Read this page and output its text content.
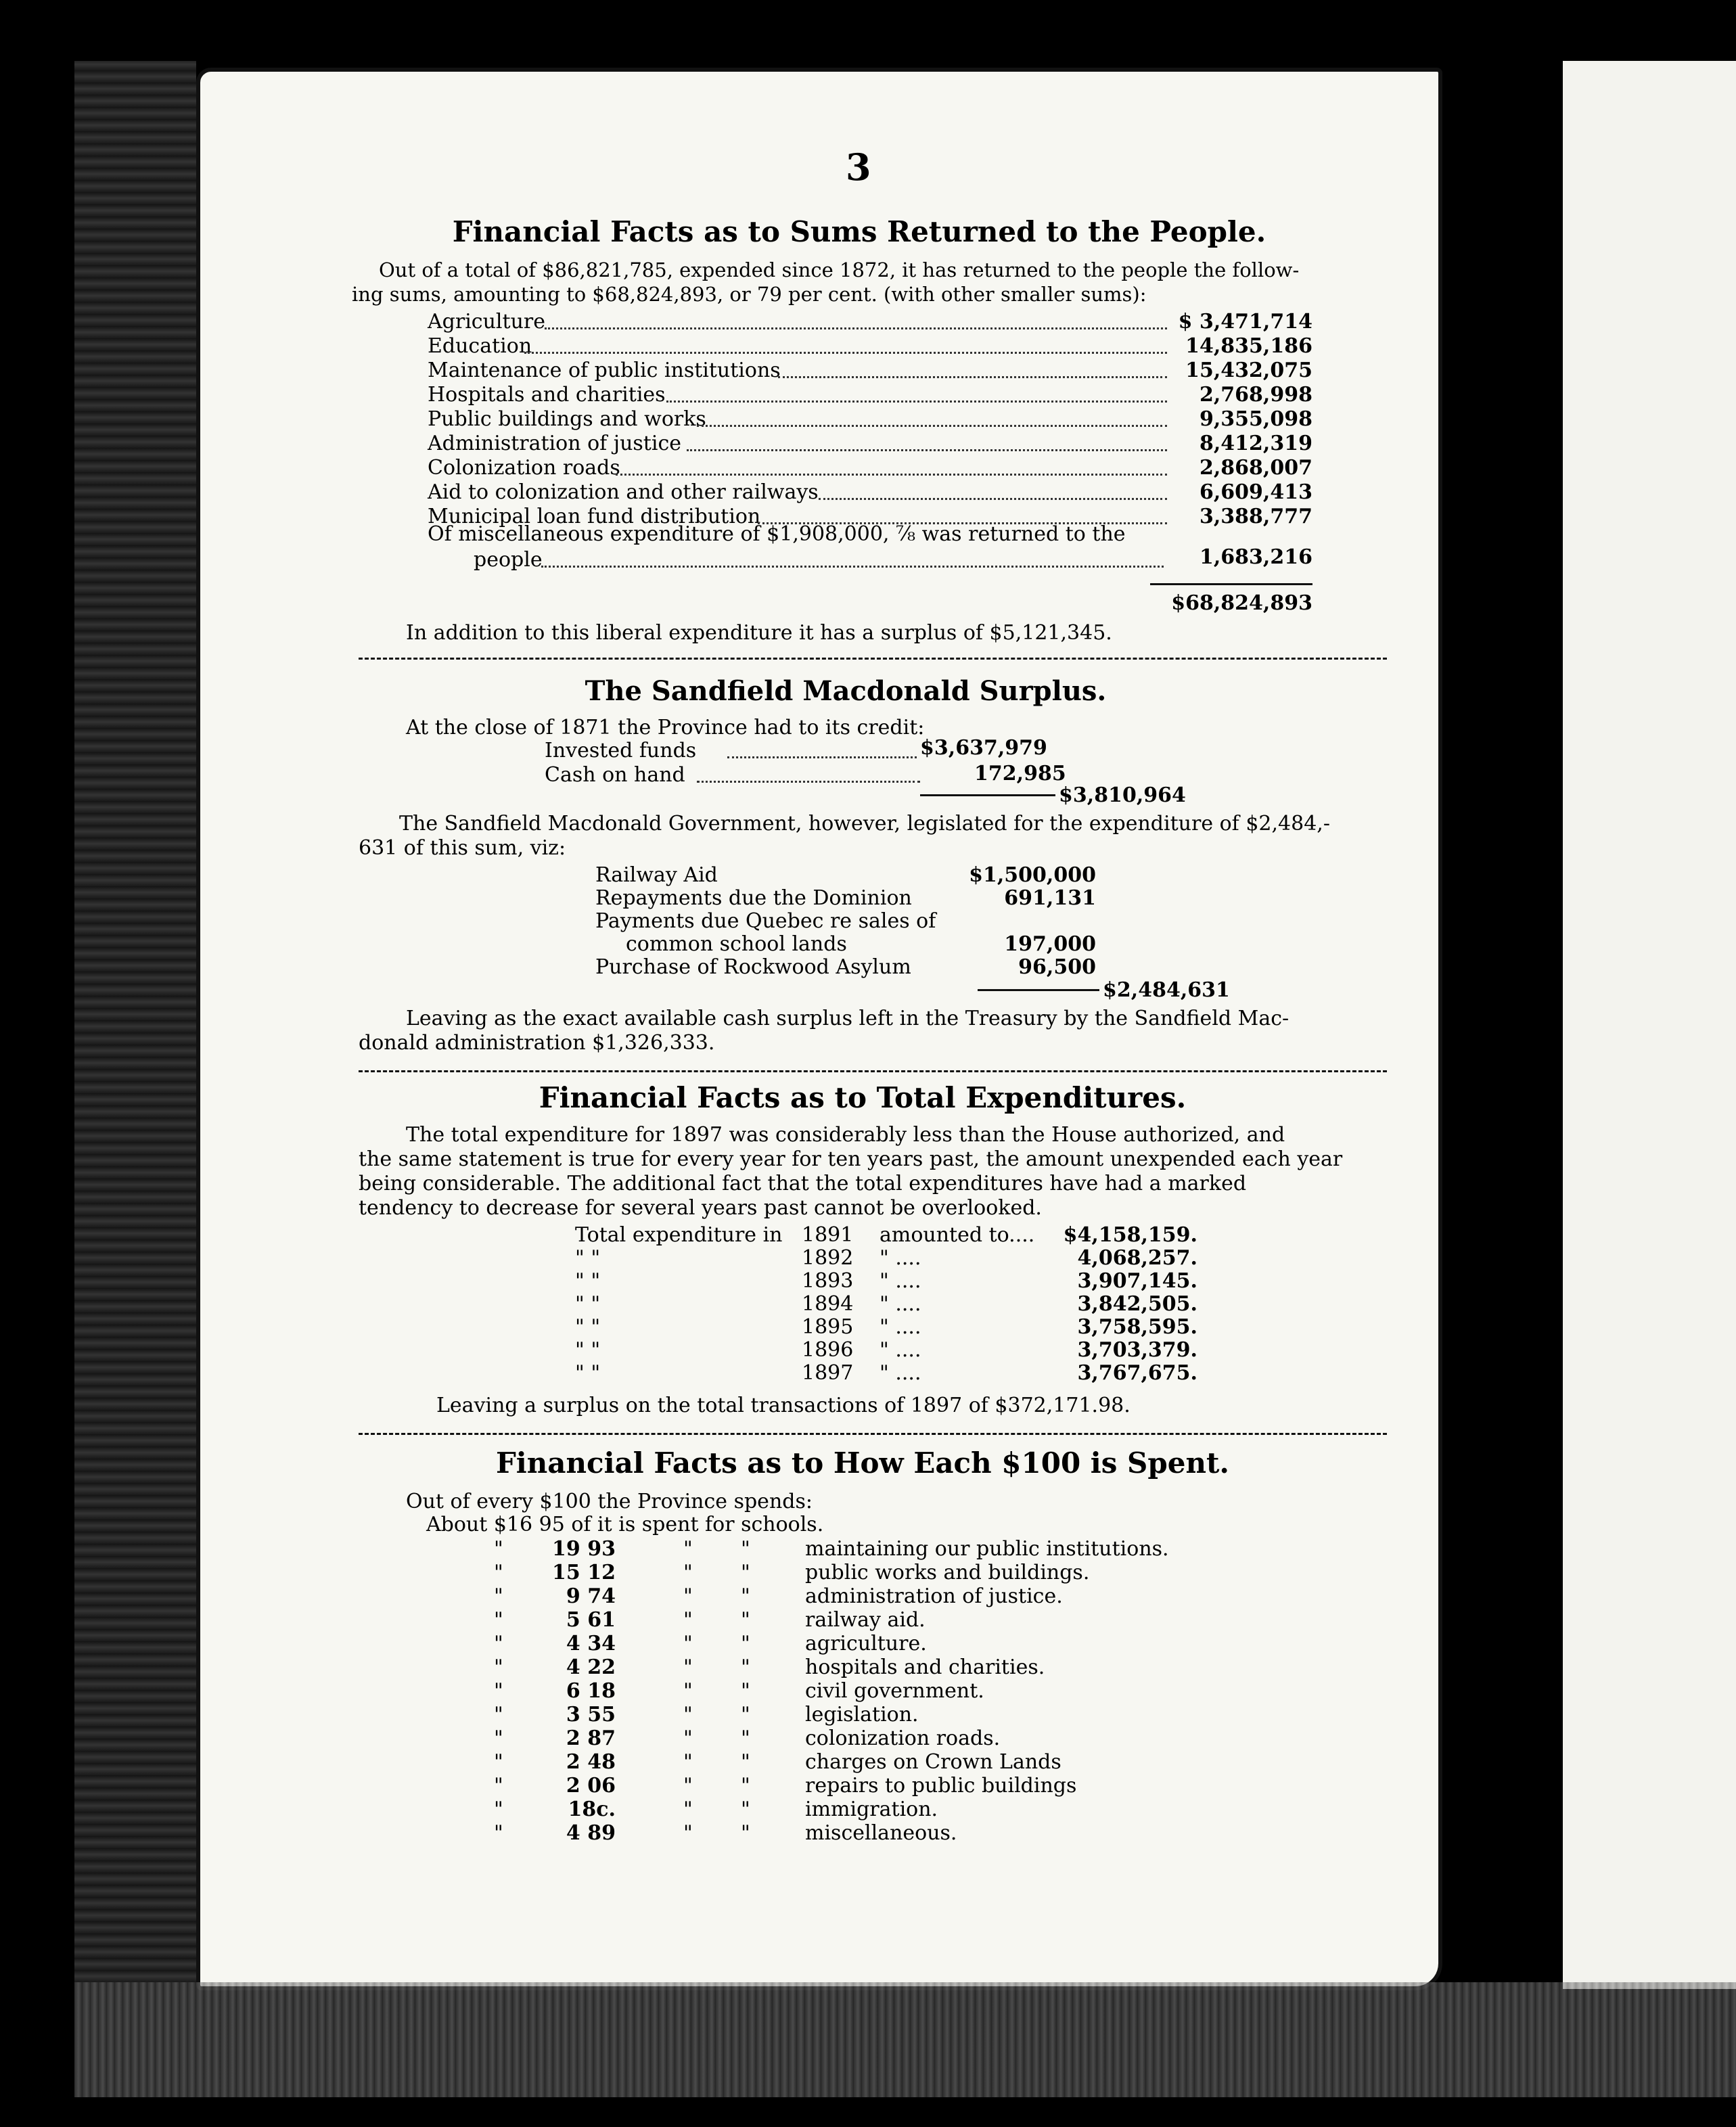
3
Financial Facts as to Sums Returned to the People.
Out of a total of $86,821,785, expended since 1872, it has returned to the people the follow-
ing sums, amounting to $68,824,893, or 79 per cent. (with other smaller sums):
Agriculture	$ 3,471,714
Education	14,835,186
Maintenance of public institutions	15,432,075
Hospitals and charities	2,768,998
Public buildings and works	9,355,098
Administration of justice	8,412,319
Colonization roads	2,868,007
Aid to colonization and other railways	6,609,413
Municipal loan fund distribution	3,388,777
Of miscellaneous expenditure of $1,908,000, ⅞ was returned to the
people	1,683,216
$68,824,893
In addition to this liberal expenditure it has a surplus of $5,121,345.
The Sandfield Macdonald Surplus.
At the close of 1871 the Province had to its credit:
Invested funds	$3,637,979
Cash on hand	172,985
$3,810,964
The Sandfield Macdonald Government, however, legislated for the expenditure of $2,484,-
631 of this sum, viz:
Railway Aid	$1,500,000
Repayments due the Dominion	691,131
Payments due Quebec re sales of
common school lands	197,000
Purchase of Rockwood Asylum	96,500
$2,484,631
Leaving as the exact available cash surplus left in the Treasury by the Sandfield Mac-
donald administration $1,326,333.
Financial Facts as to Total Expenditures.
The total expenditure for 1897 was considerably less than the House authorized, and
the same statement is true for every year for ten years past, the amount unexpended each year
being considerable. The additional fact that the total expenditures have had a marked
tendency to decrease for several years past cannot be overlooked.
Total expenditure in 1891 amounted to....	$4,158,159.
" "	1892 " ....	4,068,257.
" "	1893 " ....	3,907,145.
" "	1894 " ....	3,842,505.
" "	1895 " ....	3,758,595.
" "	1896 " ....	3,703,379.
" "	1897 " ....	3,767,675.
Leaving a surplus on the total transactions of 1897 of $372,171.98.
Financial Facts as to How Each $100 is Spent.
Out of every $100 the Province spends:
About $16 95 of it is spent for schools.
"	19 93	" "	maintaining our public institutions.
"	15 12	" "	public works and buildings.
"	9 74	" "	administration of justice.
"	5 61	" "	railway aid.
"	4 34	" "	agriculture.
"	4 22	" "	hospitals and charities.
"	6 18	" "	civil government.
"	3 55	" "	legislation.
"	2 87	" "	colonization roads.
"	2 48	" "	charges on Crown Lands
"	2 06	" "	repairs to public buildings
"	18c.	" "	immigration.
"	4 89	" "	miscellaneous.
